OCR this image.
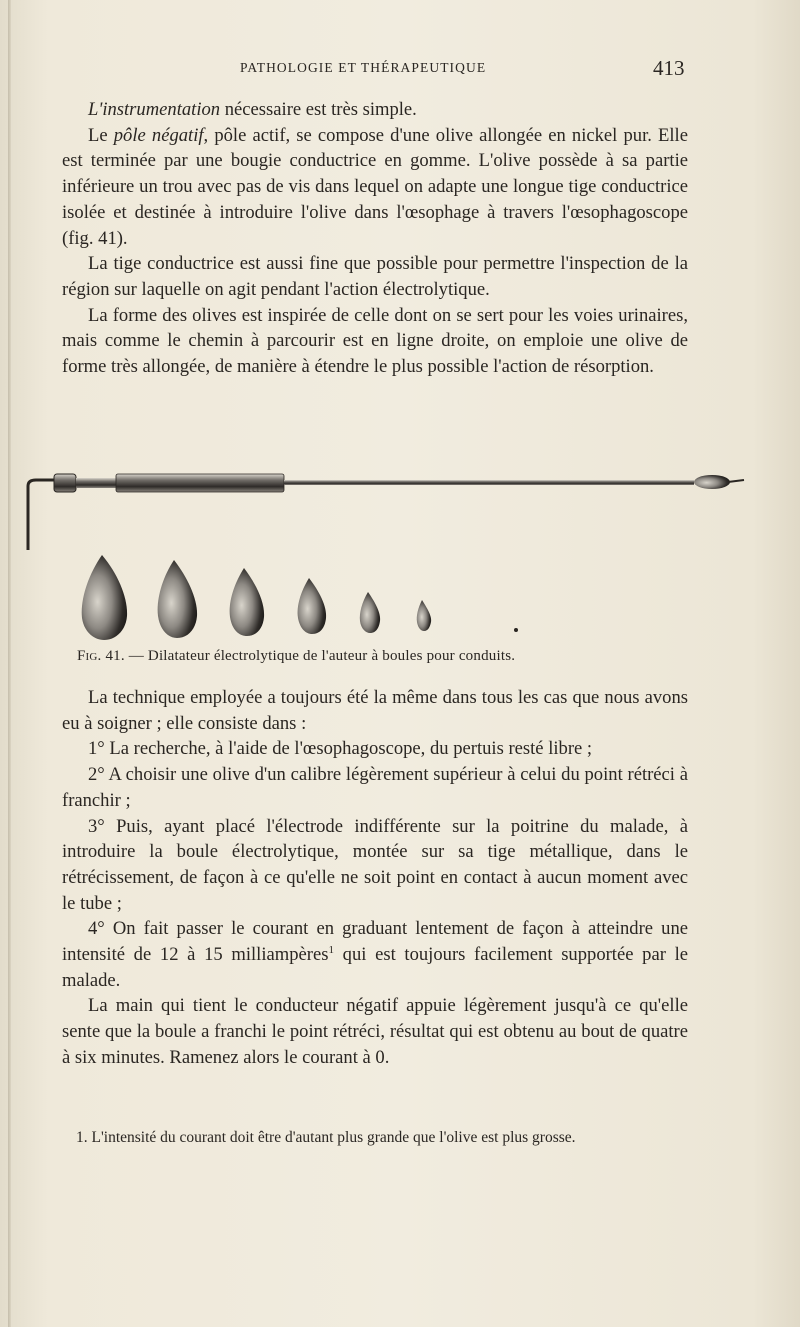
PATHOLOGIE ET THÉRAPEUTIQUE	413

L'instrumentation nécessaire est très simple.

Le pôle négatif, pôle actif, se compose d'une olive allongée en nickel pur. Elle est terminée par une bougie conductrice en gomme. L'olive possède à sa partie inférieure un trou avec pas de vis dans lequel on adapte une longue tige conductrice isolée et destinée à introduire l'olive dans l'œsophage à travers l'œsophagoscope (fig. 41).

La tige conductrice est aussi fine que possible pour permettre l'inspection de la région sur laquelle on agit pendant l'action électrolytique.

La forme des olives est inspirée de celle dont on se sert pour les voies urinaires, mais comme le chemin à parcourir est en ligne droite, on emploie une olive de forme très allongée, de manière à étendre le plus possible l'action de résorption.

Fig. 41. — Dilatateur électrolytique de l'auteur à boules pour conduits.

La technique employée a toujours été la même dans tous les cas que nous avons eu à soigner ; elle consiste dans :

1° La recherche, à l'aide de l'œsophagoscope, du pertuis resté libre ;

2° A choisir une olive d'un calibre légèrement supérieur à celui du point rétréci à franchir ;

3° Puis, ayant placé l'électrode indifférente sur la poitrine du malade, à introduire la boule électrolytique, montée sur sa tige métallique, dans le rétrécissement, de façon à ce qu'elle ne soit point en contact à aucun moment avec le tube ;

4° On fait passer le courant en graduant lentement de façon à atteindre une intensité de 12 à 15 milliampères$^1$ qui est toujours facilement supportée par le malade.

La main qui tient le conducteur négatif appuie légèrement jusqu'à ce qu'elle sente que la boule a franchi le point rétréci, résultat qui est obtenu au bout de quatre à six minutes. Ramenez alors le courant à 0.

1. L'intensité du courant doit être d'autant plus grande que l'olive est plus grosse.
